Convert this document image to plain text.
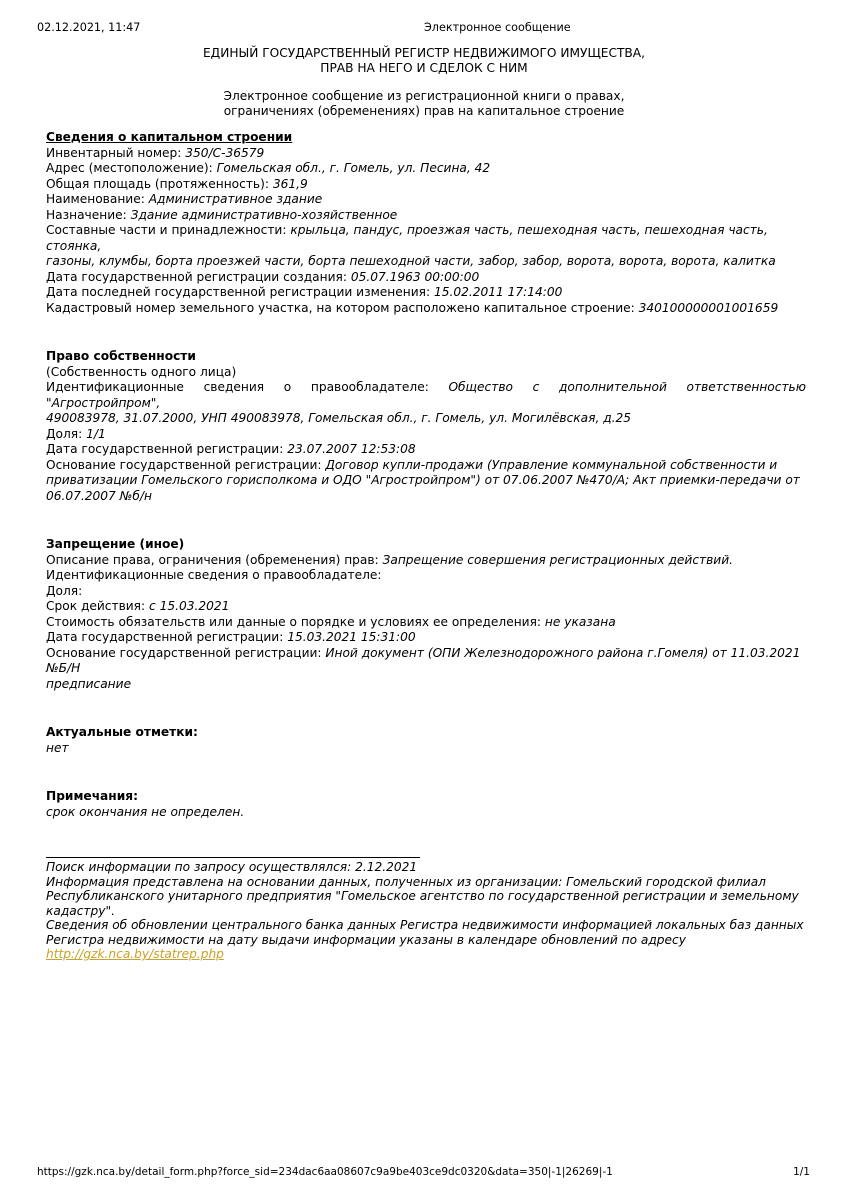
02.12.2021, 11:47	Электронное сообщение
ЕДИНЫЙ ГОСУДАРСТВЕННЫЙ РЕГИСТР НЕДВИЖИМОГО ИМУЩЕСТВА,
ПРАВ НА НЕГО И СДЕЛОК С НИМ
Электронное сообщение из регистрационной книги о правах,
ограничениях (обременениях) прав на капитальное строение
Сведения о капитальном строении
Инвентарный номер: 350/C-36579
Адрес (местоположение): Гомельская обл., г. Гомель, ул. Песина, 42
Общая площадь (протяженность): 361,9
Наименование: Административное здание
Назначение: Здание административно-хозяйственное
Составные части и принадлежности: крыльца, пандус, проезжая часть, пешеходная часть, пешеходная часть, стоянка,
газоны, клумбы, борта проезжей части, борта пешеходной части, забор, забор, ворота, ворота, ворота, калитка
Дата государственной регистрации создания: 05.07.1963 00:00:00
Дата последней государственной регистрации изменения: 15.02.2011 17:14:00
Кадастровый номер земельного участка, на котором расположено капитальное строение: 340100000001001659
Право собственности
(Собственность одного лица)
Идентификационные сведения о правообладателе: Общество с дополнительной ответственностью "Агростройпром",
490083978, 31.07.2000, УНП 490083978, Гомельская обл., г. Гомель, ул. Могилёвская, д.25
Доля: 1/1
Дата государственной регистрации: 23.07.2007 12:53:08
Основание государственной регистрации: Договор купли-продажи (Управление коммунальной собственности и
приватизации Гомельского горисполкома и ОДО "Агростройпром") от 07.06.2007 №470/А; Акт приемки-передачи от
06.07.2007 №б/н
Запрещение (иное)
Описание права, ограничения (обременения) прав: Запрещение совершения регистрационных действий.
Идентификационные сведения о правообладателе:
Доля:
Срок действия: с 15.03.2021
Стоимость обязательств или данные о порядке и условиях ее определения: не указана
Дата государственной регистрации: 15.03.2021 15:31:00
Основание государственной регистрации: Иной документ (ОПИ Железнодорожного района г.Гомеля) от 11.03.2021 №Б/Н
предписание
Актуальные отметки:
нет
Примечания:
срок окончания не определен.
Поиск информации по запросу осуществлялся: 2.12.2021
Информация представлена на основании данных, полученных из организации: Гомельский городской филиал
Республиканского унитарного предприятия "Гомельское агентство по государственной регистрации и земельному
кадастру".
Сведения об обновлении центрального банка данных Регистра недвижимости информацией локальных баз данных
Регистра недвижимости на дату выдачи информации указаны в календаре обновлений по адресу
http://gzk.nca.by/statrep.php
https://gzk.nca.by/detail_form.php?force_sid=234dac6aa08607c9a9be403ce9dc0320&data=350|-1|26269|-1	1/1
